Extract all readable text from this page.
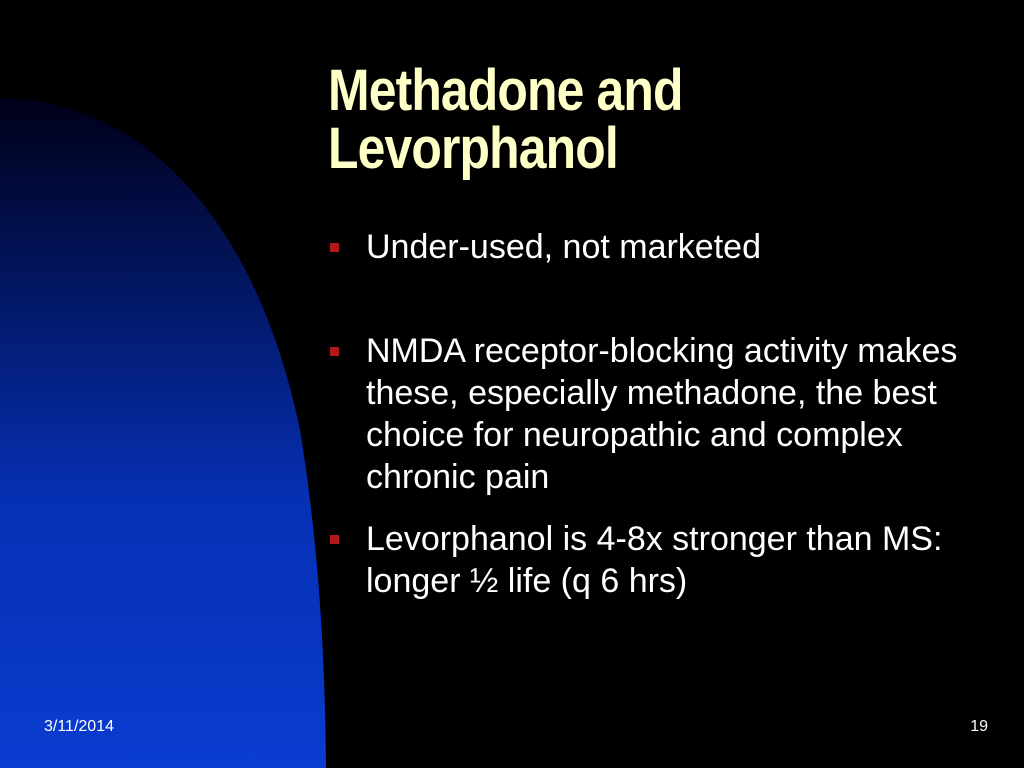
Methadone and
Levorphanol
Under-used, not marketed
NMDA receptor-blocking activity makes these, especially methadone, the best choice for neuropathic and complex chronic pain
Levorphanol is 4-8x stronger than MS: longer ½ life (q 6 hrs)
3/11/2014	19
